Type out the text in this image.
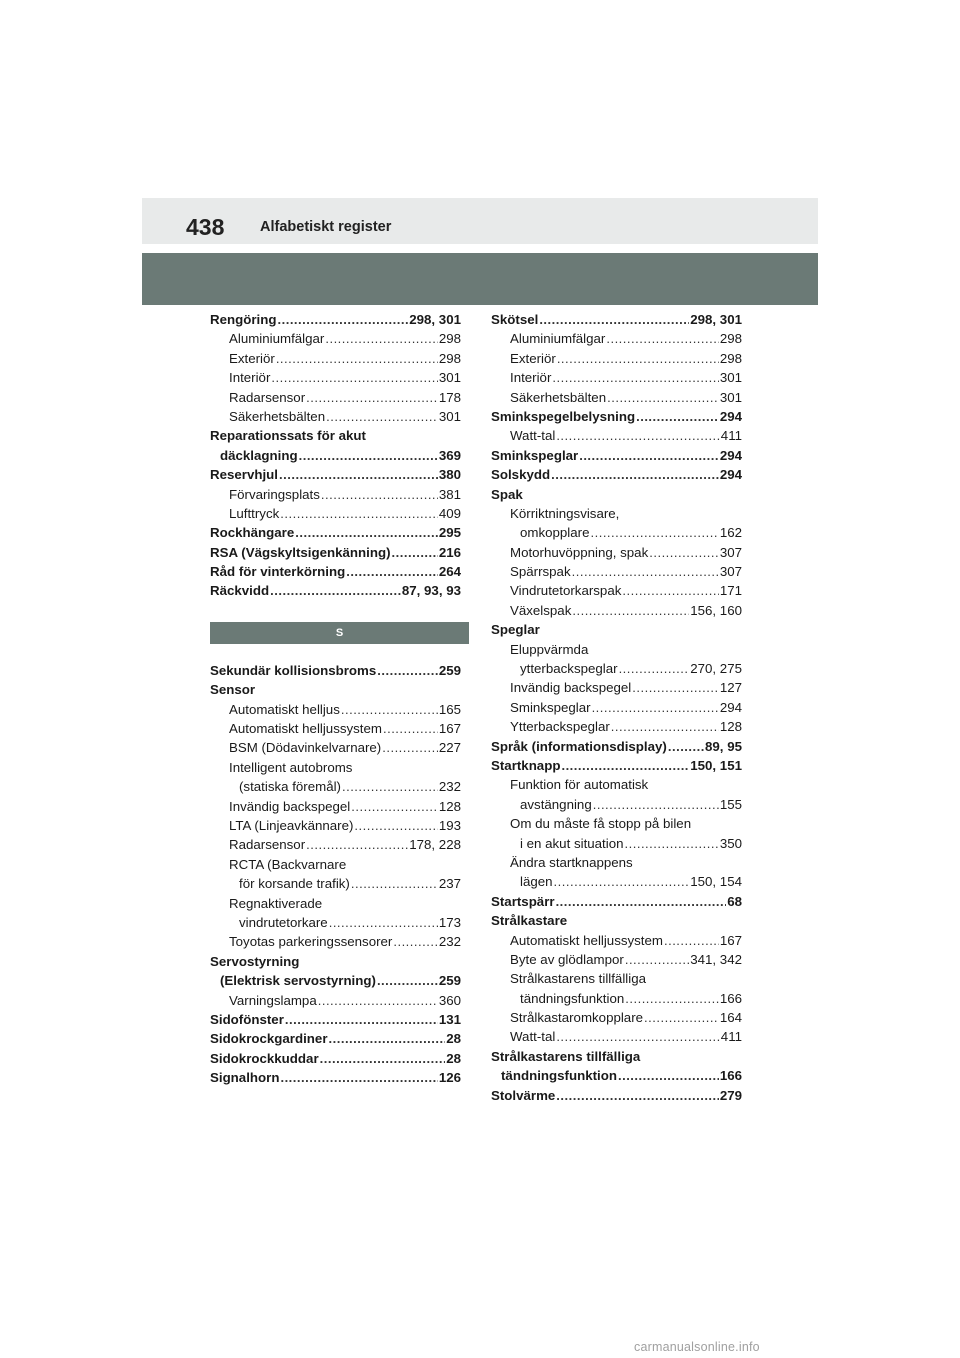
438 Alfabetiskt register
Rengöring .....	298, 301
Aluminiumfälgar .....	298
Exteriör .....	298
Interiör .....	301
Radarsensor .....	178
Säkerhetsbälten .....	301
Reparationssats för akut
däcklagning .....	369
Reservhjul .....	380
Förvaringsplats .....	381
Lufttryck .....	409
Rockhängare .....	295
RSA (Vägskyltsigenkänning) .....	216
Råd för vinterkörning .....	264
Räckvidd .....	87, 93, 93
S
Sekundär kollisionsbroms .....	259
Sensor
Automatiskt helljus .....	165
Automatiskt helljussystem .....	167
BSM (Dödavinkelvarnare) .....	227
Intelligent autobroms
(statiska föremål) .....	232
Invändig backspegel .....	128
LTA (Linjeavkännare) .....	193
Radarsensor .....	178, 228
RCTA (Backvarnare
för korsande trafik) .....	237
Regnaktiverade
vindrutetorkare .....	173
Toyotas parkeringssensorer .....	232
Servostyrning
(Elektrisk servostyrning) .....	259
Varningslampa .....	360
Sidofönster .....	131
Sidokrockgardiner .....	28
Sidokrockkuddar .....	28
Signalhorn .....	126
Skötsel .....	298, 301
Aluminiumfälgar .....	298
Exteriör .....	298
Interiör .....	301
Säkerhetsbälten .....	301
Sminkspegelbelysning .....	294
Watt-tal .....	411
Sminkspeglar .....	294
Solskydd .....	294
Spak
Körriktningsvisare,
omkopplare .....	162
Motorhuvöppning, spak .....	307
Spärrspak .....	307
Vindrutetorkarspak .....	171
Växelspak .....	156, 160
Speglar
Eluppvärmda
ytterbackspeglar .....	270, 275
Invändig backspegel .....	127
Sminkspeglar .....	294
Ytterbackspeglar .....	128
Språk (informationsdisplay) .....	89, 95
Startknapp .....	150, 151
Funktion för automatisk
avstängning .....	155
Om du måste få stopp på bilen
i en akut situation .....	350
Ändra startknappens
lägen .....	150, 154
Startspärr .....	68
Strålkastare
Automatiskt helljussystem .....	167
Byte av glödlampor .....	341, 342
Strålkastarens tillfälliga
tändningsfunktion .....	166
Strålkastaromkopplare .....	164
Watt-tal .....	411
Strålkastarens tillfälliga
tändningsfunktion .....	166
Stolvärme .....	279
carmanualsonline.info
